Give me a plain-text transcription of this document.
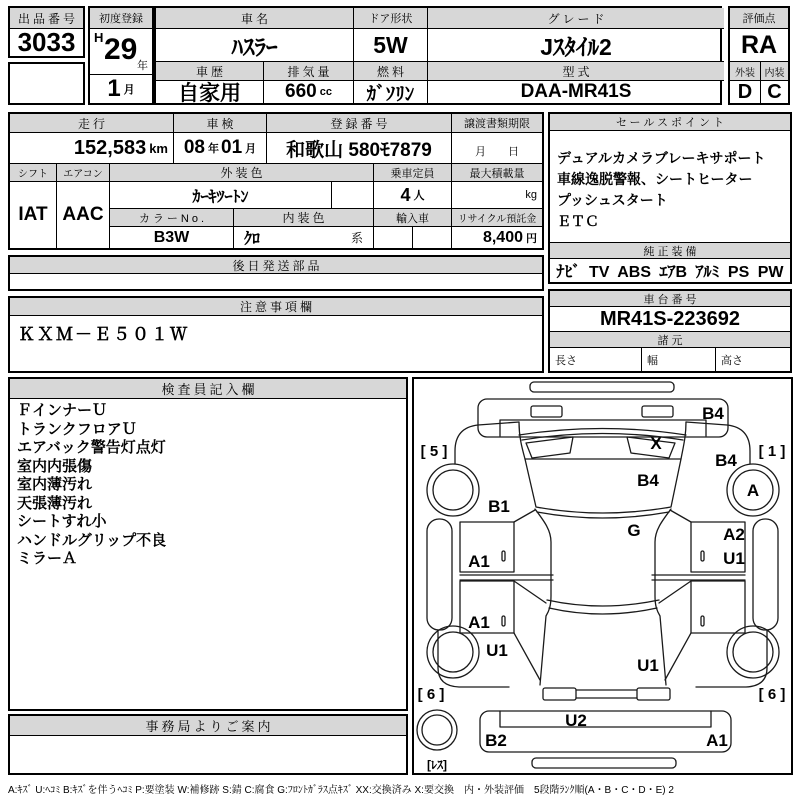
出品番号
3033
初度登録
H 29 年
1 月
車名	ドア形状	グレード
ﾊｽﾗｰ	5W	Jｽﾀｲﾙ2
車歴	排気量	燃料	型式
自家用	660 cc	ｶﾞｿﾘﾝ	DAA-MR41S
評価点
RA
外装 内装
D C
走行	車検	登録番号	譲渡書類期限
152,583 km 08 年 01 月	和歌山 580ﾓ7879	月　　日
シフト	エアコン	外装色	乗車定員	最大積載量
IAT AAC
ｶｰｷﾂｰﾄﾝ	4 人	kg
カラーNo.	内装色	輸入車	リサイクル預託金
B3W	ｸﾛ	系	8,400 円
後日発送部品
注意事項欄
ＫＸＭ－Ｅ５０１Ｗ
セールスポイント
デュアルカメラブレーキサポート
車線逸脱警報、シートヒーター
プッシュスタート
ＥＴＣ
純正装備
ﾅﾋﾞ TV ABS ｴｱB ｱﾙﾐ PS PW
車台番号
MR41S-223692
諸元
長さ	幅	高さ
検査員記入欄
ＦインナーＵ
トランクフロアＵ
エアバック警告灯点灯
室内内張傷
室内薄汚れ
天張薄汚れ
シートすれ小
ハンドルグリップ不良
ミラーＡ
事務局よりご案内
B4
X
B4
B4
B1
G
A
A1
A2
U1
A1
U1
U1
U2
B2	A1
[ 5 ]	[ 1 ]
[ 6 ]	[ 6 ]
[ﾚｽ]
A:ｷｽﾞ U:ﾍｺﾐ B:ｷｽﾞを伴うﾍｺﾐ P:要塗装 W:補修跡 S:錆 C:腐食 G:ﾌﾛﾝﾄｶﾞﾗｽ点ｷｽﾞ XX:交換済み X:要交換　内・外装評価　5段階ﾗﾝｸ順(A・B・C・D・E) 2
